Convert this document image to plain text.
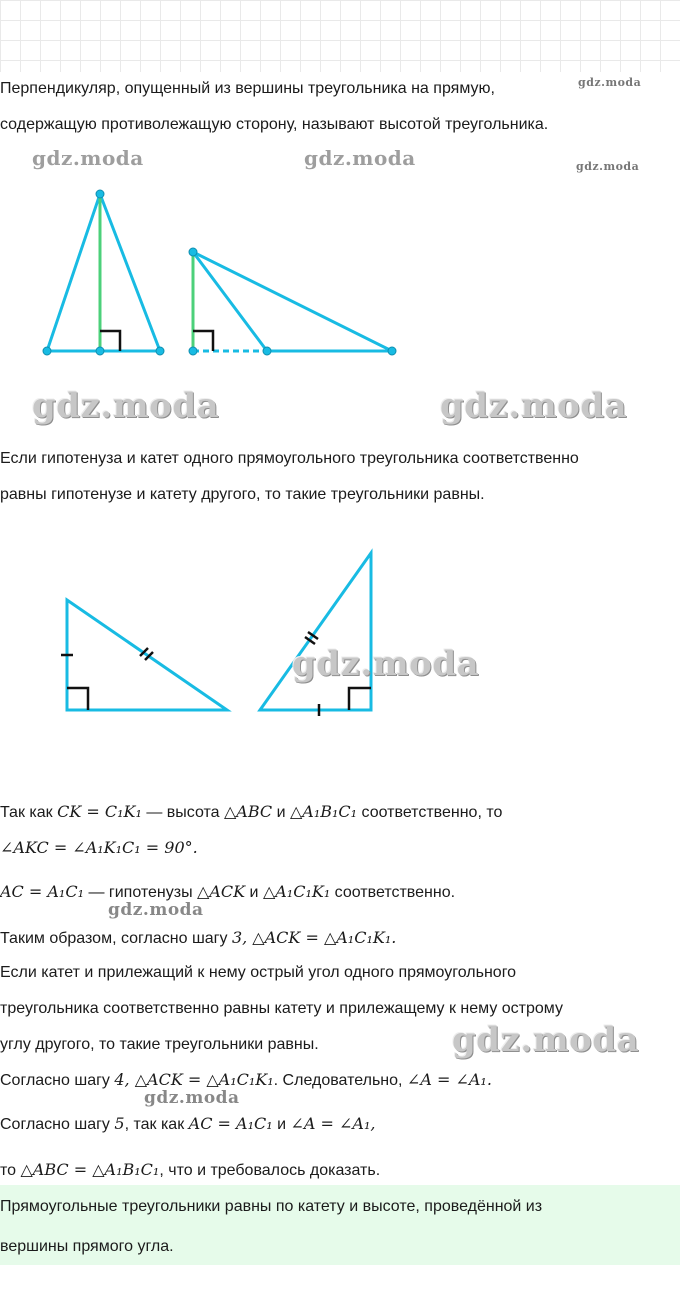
Перпендикуляр, опущенный из вершины треугольника на прямую,
содержащую противолежащую сторону, называют высотой треугольника.
gdz.moda
gdz.moda	gdz.moda	gdz.moda
gdz.moda	gdz.moda
Если гипотенуза и катет одного прямоугольного треугольника соответственно
равны гипотенузе и катету другого, то такие треугольники равны.
gdz.moda
Так как CK = C₁K₁ — высота △ABC и △A₁B₁C₁ соответственно, то
∠AKC = ∠A₁K₁C₁ = 90°.
AC = A₁C₁ — гипотенузы △ACK и △A₁C₁K₁ соответственно.
gdz.moda
Таким образом, согласно шагу 3, △ACK = △A₁C₁K₁.
Если катет и прилежащий к нему острый угол одного прямоугольного
треугольника соответственно равны катету и прилежащему к нему острому
углу другого, то такие треугольники равны.	gdz.moda
Согласно шагу 4, △ACK = △A₁C₁K₁. Следовательно, ∠A = ∠A₁.
gdz.moda
Согласно шагу 5, так как AC = A₁C₁ и ∠A = ∠A₁,
то △ABC = △A₁B₁C₁, что и требовалось доказать.
Прямоугольные треугольники равны по катету и высоте, проведённой из
вершины прямого угла.
